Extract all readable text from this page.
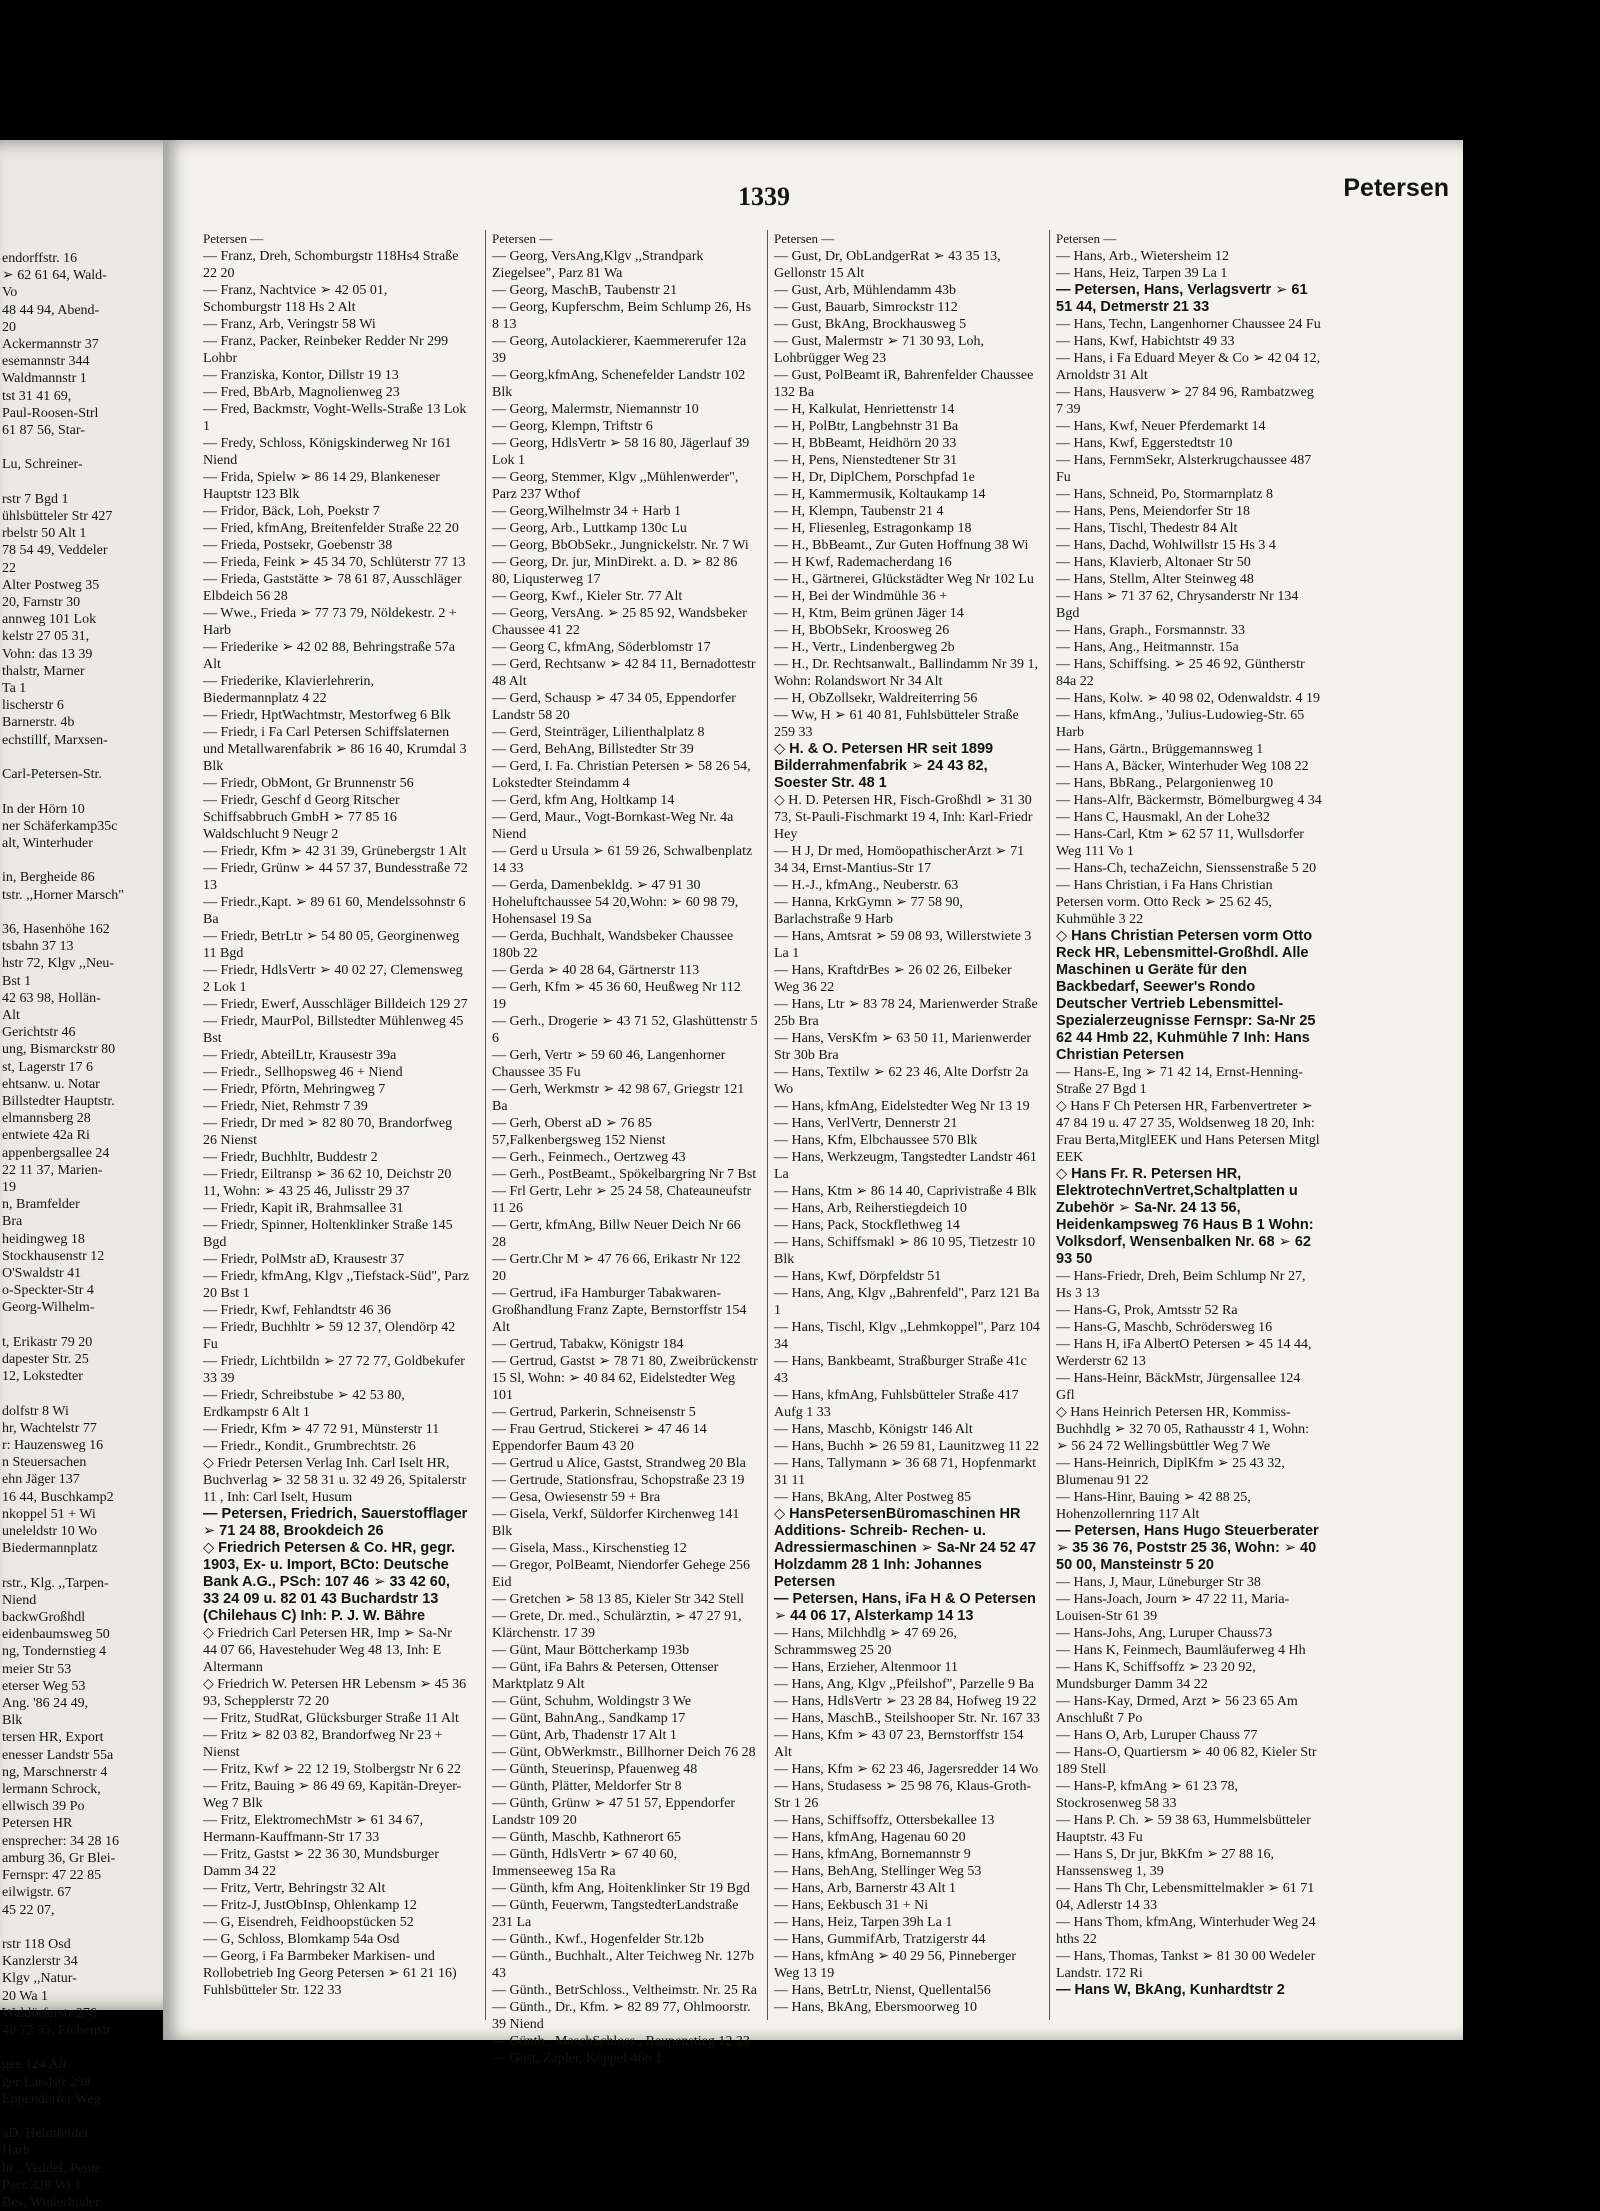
endorffstr. 16
➢ 62 61 64, Wald-
Vo
48 44 94, Abend-
20
Ackermannstr 37
esemannstr 344
Waldmannstr 1
tst 31 41 69,
Paul-Roosen-Strl
61 87 56, Star-

Lu, Schreiner-

rstr 7 Bgd 1
ühlsbütteler Str 427
rbelstr 50 Alt 1
78 54 49, Veddeler
22
Alter Postweg 35
20, Farnstr 30
annweg 101 Lok
kelstr 27 05 31,
Vohn: das 13 39
thalstr, Marner
Ta 1
lischerstr 6
Barnerstr. 4b
echstillf, Marxsen-

Carl-Petersen-Str.

In der Hörn 10
ner Schäferkamp35c
alt, Winterhuder

in, Bergheide 86
tstr. ,,Horner Marsch"

36, Hasenhöhe 162
tsbahn 37 13
hstr 72, Klgv ,,Neu-
Bst 1
42 63 98, Hollän-
Alt
Gerichtstr 46
ung, Bismarckstr 80
st, Lagerstr 17 6
ehtsanw. u. Notar
Billstedter Hauptstr.
elmannsberg 28
entwiete 42a Ri
appenbergsallee 24
22 11 37, Marien-
19
n, Bramfelder
Bra
heidingweg 18
Stockhausenstr 12
O'Swaldstr 41
o-Speckter-Str 4
Georg-Wilhelm-

t, Erikastr 79 20
dapester Str. 25
12, Lokstedter

dolfstr 8 Wi
hr, Wachtelstr 77
r: Hauzensweg 16
n Steuersachen
ehn Jäger 137
16 44, Buschkamp2
nkoppel 51 + Wi
uneleldstr 10 Wo
Biedermannplatz

rstr., Klg. ,,Tarpen-
Niend
backwGroßhdl
eidenbaumsweg 50
ng, Tondernstieg 4
meier Str 53
eterser Weg 53
Ang. '86 24 49,
Blk
tersen HR, Export
enesser Landstr 55a
ng, Marschnerstr 4
lermann Schrock,
ellwisch 39 Po
Petersen HR
ensprecher: 34 28 16
amburg 36, Gr Blei-
Fernspr: 47 22 85
eilwigstr. 67
45 22 07,

rstr 118 Osd
Kanzlerstr 34
Klgv ,,Natur-
20 Wa 1
Waldörferstr 276
40 72 35, Eichenstr

gee 124 Alt
ger Landstr 298
Eppendorfer Weg

aD, Heimfelder
Harb
hr ,,Veddel, Peute
Parz 328 Wi 1
Bes, Winterhuder
1339	Petersen
Petersen —
— Franz, Dreh, Schomburgstr 118Hs4 Straße 22 20
— Franz, Nachtvice ➢ 42 05 01, Schomburgstr 118 Hs 2 Alt
— Franz, Arb, Veringstr 58 Wi
— Franz, Packer, Reinbeker Redder Nr 299 Lohbr
— Franziska, Kontor, Dillstr 19 13
— Fred, BbArb, Magnolienweg 23
— Fred, Backmstr, Voght-Wells-Straße 13 Lok 1
— Fredy, Schloss, Königskinderweg Nr 161 Niend
— Frida, Spielw ➢ 86 14 29, Blankeneser Hauptstr 123 Blk
— Fridor, Bäck, Loh, Poekstr 7
— Fried, kfmAng, Breitenfelder Straße 22 20
— Frieda, Postsekr, Goebenstr 38
— Frieda, Feink ➢ 45 34 70, Schlüterstr 77 13
— Frieda, Gaststätte ➢ 78 61 87, Ausschläger Elbdeich 56 28
— Wwe., Frieda ➢ 77 73 79, Nöldekestr. 2 + Harb
— Friederike ➢ 42 02 88, Behringstraße 57a Alt
— Friederike, Klavierlehrerin, Biedermannplatz 4 22
— Friedr, HptWachtmstr, Mestorfweg 6 Blk
— Friedr, i Fa Carl Petersen Schiffslaternen und Metallwarenfabrik ➢ 86 16 40, Krumdal 3 Blk
— Friedr, ObMont, Gr Brunnenstr 56
— Friedr, Geschf d Georg Ritscher Schiffsabbruch GmbH ➢ 77 85 16 Waldschlucht 9 Neugr 2
— Friedr, Kfm ➢ 42 31 39, Grünebergstr 1 Alt
— Friedr, Grünw ➢ 44 57 37, Bundesstraße 72 13
— Friedr.,Kapt. ➢ 89 61 60, Mendelssohnstr 6 Ba
— Friedr, BetrLtr ➢ 54 80 05, Georginenweg 11 Bgd
— Friedr, HdlsVertr ➢ 40 02 27, Clemensweg 2 Lok 1
— Friedr, Ewerf, Ausschläger Billdeich 129 27
— Friedr, MaurPol, Billstedter Mühlenweg 45 Bst
— Friedr, AbteilLtr, Krausestr 39a
— Friedr., Sellhopsweg 46 + Niend
— Friedr, Pförtn, Mehringweg 7
— Friedr, Niet, Rehmstr 7 39
— Friedr, Dr med ➢ 82 80 70, Brandorfweg 26 Nienst
— Friedr, Buchhltr, Buddestr 2
— Friedr, Eiltransp ➢ 36 62 10, Deichstr 20 11, Wohn: ➢ 43 25 46, Julisstr 29 37
— Friedr, Kapit iR, Brahmsallee 31
— Friedr, Spinner, Holtenklinker Straße 145 Bgd
— Friedr, PolMstr aD, Krausestr 37
— Friedr, kfmAng, Klgv ,,Tiefstack-Süd", Parz 20 Bst 1
— Friedr, Kwf, Fehlandtstr 46 36
— Friedr, Buchhltr ➢ 59 12 37, Olendörp 42 Fu
— Friedr, Lichtbildn ➢ 27 72 77, Goldbekufer 33 39
— Friedr, Schreibstube ➢ 42 53 80, Erdkampstr 6 Alt 1
— Friedr, Kfm ➢ 47 72 91, Münsterstr 11
— Friedr., Kondit., Grumbrechtstr. 26
◇ Friedr Petersen Verlag Inh. Carl Iselt HR, Buchverlag ➢ 32 58 31 u. 32 49 26, Spitalerstr 11 , Inh: Carl Iselt, Husum
— Petersen, Friedrich, Sauerstofflager ➢ 71 24 88, Brookdeich 26
◇ Friedrich Petersen & Co. HR, gegr. 1903, Ex- u. Import, BCto: Deutsche Bank A.G., PSch: 107 46 ➢ 33 42 60, 33 24 09 u. 82 01 43 Buchardstr 13 (Chilehaus C) Inh: P. J. W. Bähre
◇ Friedrich Carl Petersen HR, Imp ➢ Sa-Nr 44 07 66, Havestehuder Weg 48 13, Inh: E Altermann
◇ Friedrich W. Petersen HR Lebensm ➢ 45 36 93, Schepplerstr 72 20
— Fritz, StudRat, Glücksburger Straße 11 Alt
— Fritz ➢ 82 03 82, Brandorfweg Nr 23 + Nienst
— Fritz, Kwf ➢ 22 12 19, Stolbergstr Nr 6 22
— Fritz, Bauing ➢ 86 49 69, Kapitän-Dreyer-Weg 7 Blk
— Fritz, ElektromechMstr ➢ 61 34 67, Hermann-Kauffmann-Str 17 33
— Fritz, Gastst ➢ 22 36 30, Mundsburger Damm 34 22
— Fritz, Vertr, Behringstr 32 Alt
— Fritz-J, JustObInsp, Ohlenkamp 12
— G, Eisendreh, Feidhoopstücken 52
— G, Schloss, Blomkamp 54a Osd
— Georg, i Fa Barmbeker Markisen- und Rollobetrieb Ing Georg Petersen ➢ 61 21 16) Fuhlsbütteler Str. 122 33
Petersen —
— Georg, VersAng,Klgv ,,Strandpark Ziegelsee", Parz 81 Wa
— Georg, MaschB, Taubenstr 21
— Georg, Kupferschm, Beim Schlump 26, Hs 8 13
— Georg, Autolackierer, Kaemmererufer 12a 39
— Georg,kfmAng, Schenefelder Landstr 102 Blk
— Georg, Malermstr, Niemannstr 10
— Georg, Klempn, Triftstr 6
— Georg, HdlsVertr ➢ 58 16 80, Jägerlauf 39 Lok 1
— Georg, Stemmer, Klgv ,,Mühlenwerder", Parz 237 Wthof
— Georg,Wilhelmstr 34 + Harb 1
— Georg, Arb., Luttkamp 130c Lu
— Georg, BbObSekr., Jungnickelstr. Nr. 7 Wi
— Georg, Dr. jur, MinDirekt. a. D. ➢ 82 86 80, Liqusterweg 17
— Georg, Kwf., Kieler Str. 77 Alt
— Georg, VersAng. ➢ 25 85 92, Wandsbeker Chaussee 41 22
— Georg C, kfmAng, Söderblomstr 17
— Gerd, Rechtsanw ➢ 42 84 11, Bernadottestr 48 Alt
— Gerd, Schausp ➢ 47 34 05, Eppendorfer Landstr 58 20
— Gerd, Steinträger, Lilienthalplatz 8
— Gerd, BehAng, Billstedter Str 39
— Gerd, I. Fa. Christian Petersen ➢ 58 26 54, Lokstedter Steindamm 4
— Gerd, kfm Ang, Holtkamp 14
— Gerd, Maur., Vogt-Bornkast-Weg Nr. 4a Niend
— Gerd u Ursula ➢ 61 59 26, Schwalbenplatz 14 33
— Gerda, Damenbekldg. ➢ 47 91 30 Hoheluftchaussee 54 20,Wohn: ➢ 60 98 79, Hohensasel 19 Sa
— Gerda, Buchhalt, Wandsbeker Chaussee 180b 22
— Gerda ➢ 40 28 64, Gärtnerstr 113
— Gerh, Kfm ➢ 45 36 60, Heußweg Nr 112 19
— Gerh., Drogerie ➢ 43 71 52, Glashüttenstr 5 6
— Gerh, Vertr ➢ 59 60 46, Langenhorner Chaussee 35 Fu
— Gerh, Werkmstr ➢ 42 98 67, Griegstr 121 Ba
— Gerh, Oberst aD ➢ 76 85 57,Falkenbergsweg 152 Nienst
— Gerh., Feinmech., Oertzweg 43
— Gerh., PostBeamt., Spökelbargring Nr 7 Bst
— Frl Gertr, Lehr ➢ 25 24 58, Chateaunеufstr 11 26
— Gertr, kfmAng, Billw Neuer Deich Nr 66 28
— Gertr.Chr M ➢ 47 76 66, Erikastr Nr 122 20
— Gertrud, iFa Hamburger Tabakwaren-Großhandlung Franz Zapte, Bernstorffstr 154 Alt
— Gertrud, Tabakw, Königstr 184
— Gertrud, Gastst ➢ 78 71 80, Zweibrückenstr 15 Sl, Wohn: ➢ 40 84 62, Eidelstedter Weg 101
— Gertrud, Parkerin, Schneisenstr 5
— Frau Gertrud, Stickerei ➢ 47 46 14 Eppendorfer Baum 43 20
— Gertrud u Alice, Gastst, Strandweg 20 Bla
— Gertrude, Stationsfrau, Schopstraße 23 19
— Gesa, Owiesenstr 59 + Bra
— Gisela, Verkf, Süldorfer Kirchenweg 141 Blk
— Gisela, Mass., Kirschenstieg 12
— Gregor, PolBeamt, Niendorfer Gehege 256 Eid
— Gretchen ➢ 58 13 85, Kieler Str 342 Stell
— Grete, Dr. med., Schulärztin, ➢ 47 27 91, Klärchenstr. 17 39
— Günt, Maur Böttcherkamp 193b
— Günt, iFa Bahrs & Petersen, Ottenser Marktplatz 9 Alt
— Günt, Schuhm, Woldingstr 3 We
— Günt, BahnAng., Sandkamp 17
— Günt, Arb, Thadenstr 17 Alt 1
— Günt, ObWerkmstr., Billhorner Deich 76 28
— Günth, Steuerinsp, Pfauenweg 48
— Günth, Plätter, Meldorfer Str 8
— Günth, Grünw ➢ 47 51 57, Eppendorfer Landstr 109 20
— Günth, Maschb, Kathnerort 65
— Günth, HdlsVertr ➢ 67 40 60, Immenseeweg 15a Ra
— Günth, kfm Ang, Hoitenklinker Str 19 Bgd
— Günth, Feuerwm, TangstedterLandstraße 231 La
— Günth., Kwf., Hogenfelder Str.12b
— Günth., Buchhalt., Alter Teichweg Nr. 127b 43
— Günth., BetrSchloss., Veltheimstr. Nr. 25 Ra
— Günth., Dr., Kfm. ➢ 82 89 77, Ohlmoorstr. 39 Niend
— Günth., MaschSchloss., Raupenstieg 12 33
— Gust, Zapler, Koppel 46b 1
Petersen —
— Gust, Dr, ObLandgerRat ➢ 43 35 13, Gellonstr 15 Alt
— Gust, Arb, Mühlendamm 43b
— Gust, Bauarb, Simrockstr 112
— Gust, BkAng, Brockhausweg 5
— Gust, Malermstr ➢ 71 30 93, Loh, Lohbrügger Weg 23
— Gust, PolBeamt iR, Bahrenfelder Chaussee 132 Ba
— H, Kalkulat, Henriettenstr 14
— H, PolBtr, Langbehnstr 31 Ba
— H, BbBeamt, Heidhörn 20 33
— H, Pens, Nienstedtener Str 31
— H, Dr, DiplChem, Porschpfad 1e
— H, Kammermusik, Koltaukamp 14
— H, Klempn, Taubenstr 21 4
— H, Fliesenleg, Estragonkamp 18
— H., BbBeamt., Zur Guten Hoffnung 38 Wi
— H Kwf, Rademacherdang 16
— H., Gärtnerei, Glückstädter Weg Nr 102 Lu
— H, Bei der Windmühle 36 +
— H, Ktm, Beim grünen Jäger 14
— H, BbObSekr, Kroosweg 26
— H., Vertr., Lindenbergweg 2b
— H., Dr. Rechtsanwalt., Ballindamm Nr 39 1, Wohn: Rolandswort Nr 34 Alt
— H, ObZollsekr, Waldreiterring 56
— Ww, H ➢ 61 40 81, Fuhlsbütteler Straße 259 33
◇ H. & O. Petersen HR seit 1899 Bilderrahmenfabrik ➢ 24 43 82, Soester Str. 48 1
◇ H. D. Petersen HR, Fisch-Großhdl ➢ 31 30 73, St-Pauli-Fischmarkt 19 4, Inh: Karl-Friedr Hey
— H J, Dr med, HomöopathischerArzt ➢ 71 34 34, Ernst-Mantius-Str 17
— H.-J., kfmAng., Neuberstr. 63
— Hanna, KrkGymn ➢ 77 58 90, Barlachstraße 9 Harb
— Hans, Amtsrat ➢ 59 08 93, Willerstwiete 3 La 1
— Hans, KraftdrBes ➢ 26 02 26, Eilbeker Weg 36 22
— Hans, Ltr ➢ 83 78 24, Marienwerder Straße 25b Bra
— Hans, VersKfm ➢ 63 50 11, Marienwerder Str 30b Bra
— Hans, Textilw ➢ 62 23 46, Alte Dorfstr 2a Wo
— Hans, kfmAng, Eidelstedter Weg Nr 13 19
— Hans, VerlVertr, Dennerstr 21
— Hans, Kfm, Elbchaussee 570 Blk
— Hans, Werkzeugm, Tangstedter Landstr 461 La
— Hans, Ktm ➢ 86 14 40, Caprivistraße 4 Blk
— Hans, Arb, Reiherstiegdeich 10
— Hans, Pack, Stockflethweg 14
— Hans, Schiffsmakl ➢ 86 10 95, Tietzestr 10 Blk
— Hans, Kwf, Dörpfeldstr 51
— Hans, Ang, Klgv ,,Bahrenfeld", Parz 121 Ba 1
— Hans, Tischl, Klgv ,,Lehmkoppel", Parz 104 34
— Hans, Bankbeamt, Straßburger Straße 41c 43
— Hans, kfmAng, Fuhlsbütteler Straße 417 Aufg 1 33
— Hans, Maschb, Königstr 146 Alt
— Hans, Buchh ➢ 26 59 81, Launitzweg 11 22
— Hans, Tallymann ➢ 36 68 71, Hopfenmarkt 31 11
— Hans, BkAng, Alter Postweg 85
◇ HansPetersenBüromaschinen HR Additions- Schreib- Rechen- u. Adressiermaschinen ➢ Sa-Nr 24 52 47 Holzdamm 28 1 Inh: Johannes Petersen
— Petersen, Hans, iFa H & O Petersen ➢ 44 06 17, Alsterkamp 14 13
— Hans, Milchhdlg ➢ 47 69 26, Schrammsweg 25 20
— Hans, Erzieher, Altenmoor 11
— Hans, Ang, Klgv ,,Pfeilshof", Parzelle 9 Ba
— Hans, HdlsVertr ➢ 23 28 84, Hofweg 19 22
— Hans, MaschB., Steilshooper Str. Nr. 167 33
— Hans, Kfm ➢ 43 07 23, Bernstorffstr 154 Alt
— Hans, Kfm ➢ 62 23 46, Jagersredder 14 Wo
— Hans, Studasess ➢ 25 98 76, Klaus-Groth-Str 1 26
— Hans, Schiffsoffz, Ottersbekallee 13
— Hans, kfmAng, Hagenau 60 20
— Hans, kfmAng, Bornemannstr 9
— Hans, BehAng, Stellinger Weg 53
— Hans, Arb, Barnerstr 43 Alt 1
— Hans, Eekbusch 31 + Ni
— Hans, Heiz, Tarpen 39h La 1
— Hans, GummifArb, Tratzigerstr 44
— Hans, kfmAng ➢ 40 29 56, Pinneberger Weg 13 19
— Hans, BetrLtr, Nienst, Quellental56
— Hans, BkAng, Ebersmoorweg 10
Petersen —
— Hans, Arb., Wietersheim 12
— Hans, Heiz, Tarpen 39 La 1
— Petersen, Hans, Verlagsvertr ➢ 61 51 44, Detmerstr 21 33
— Hans, Techn, Langenhorner Chaussee 24 Fu
— Hans, Kwf, Habichtstr 49 33
— Hans, i Fa Eduard Meyer & Co ➢ 42 04 12, Arnoldstr 31 Alt
— Hans, Hausverw ➢ 27 84 96, Rambatzweg 7 39
— Hans, Kwf, Neuer Pferdemarkt 14
— Hans, Kwf, Eggerstedtstr 10
— Hans, FernmSekr, Alsterkrugchaussee 487 Fu
— Hans, Schneid, Po, Stormarnplatz 8
— Hans, Pens, Meiendorfer Str 18
— Hans, Tischl, Thedestr 84 Alt
— Hans, Dachd, Wohlwillstr 15 Hs 3 4
— Hans, Klavierb, Altonaer Str 50
— Hans, Stellm, Alter Steinweg 48
— Hans ➢ 71 37 62, Chrysanderstr Nr 134 Bgd
— Hans, Graph., Forsmannstr. 33
— Hans, Ang., Heitmannstr. 15a
— Hans, Schiffsing. ➢ 25 46 92, Güntherstr 84a 22
— Hans, Kolw. ➢ 40 98 02, Odenwaldstr. 4 19
— Hans, kfmAng., 'Julius-Ludowieg-Str. 65 Harb
— Hans, Gärtn., Brüggemannsweg 1
— Hans A, Bäcker, Winterhuder Weg 108 22
— Hans, BbRang., Pelargonienweg 10
— Hans-Alfr, Bäckermstr, Bömelburgweg 4 34
— Hans C, Hausmakl, An der Lohe32
— Hans-Carl, Ktm ➢ 62 57 11, Wullsdorfer Weg 111 Vo 1
— Hans-Ch, techaZeichn, Sienssenstraße 5 20
— Hans Christian, i Fa Hans Christian Petersen vorm. Otto Reck ➢ 25 62 45, Kuhmühle 3 22
◇ Hans Christian Petersen vorm Otto Reck HR, Lebensmittel-Großhdl. Alle Maschinen u Geräte für den Backbedarf, Seewer's Rondo Deutscher Vertrieb Lebensmittel-Spezialerzeugnisse Fernspr: Sa-Nr 25 62 44 Hmb 22, Kuhmühle 7 Inh: Hans Christian Petersen
— Hans-E, Ing ➢ 71 42 14, Ernst-Henning-Straße 27 Bgd 1
◇ Hans F Ch Petersen HR, Farbenvertreter ➢ 47 84 19 u. 47 27 35, Woldsenweg 18 20, Inh: Frau Berta,MitglEEK und Hans Petersen Mitgl EEK
◇ Hans Fr. R. Petersen HR, ElektrotechnVertret,Schaltplatten u Zubehör ➢ Sa-Nr. 24 13 56, Heidenkampsweg 76 Haus B 1 Wohn: Volksdorf, Wensenbalken Nr. 68 ➢ 62 93 50
— Hans-Friedr, Dreh, Beim Schlump Nr 27, Hs 3 13
— Hans-G, Prok, Amtsstr 52 Ra
— Hans-G, Maschb, Schrödersweg 16
— Hans H, iFa AlbertO Petersen ➢ 45 14 44, Werderstr 62 13
— Hans-Heinr, BäckMstr, Jürgensallee 124 Gfl
◇ Hans Heinrich Petersen HR, Kommiss-Buchhdlg ➢ 32 70 05, Rathausstr 4 1, Wohn: ➢ 56 24 72 Wellingsbüttler Weg 7 We
— Hans-Heinrich, DiplKfm ➢ 25 43 32, Blumenau 91 22
— Hans-Hinr, Bauing ➢ 42 88 25, Hohenzollernring 117 Alt
— Petersen, Hans Hugo Steuerberater ➢ 35 36 76, Poststr 25 36, Wohn: ➢ 40 50 00, Mansteinstr 5 20
— Hans, J, Maur, Lüneburger Str 38
— Hans-Joach, Journ ➢ 47 22 11, Maria-Louisen-Str 61 39
— Hans-Johs, Ang, Luruper Chauss73
— Hans K, Feinmech, Baumläuferweg 4 Hh
— Hans K, Schiffsoffz ➢ 23 20 92, Mundsburger Damm 34 22
— Hans-Kay, Drmed, Arzt ➢ 56 23 65 Am Anschlußt 7 Po
— Hans O, Arb, Luruper Chauss 77
— Hans-O, Quartiersm ➢ 40 06 82, Kieler Str 189 Stell
— Hans-P, kfmAng ➢ 61 23 78, Stockrosenweg 58 33
— Hans P. Ch. ➢ 59 38 63, Hummelsbütteler Hauptstr. 43 Fu
— Hans S, Dr jur, BkKfm ➢ 27 88 16, Hanssensweg 1, 39
— Hans Th Chr, Lebensmittelmakler ➢ 61 71 04, Adlerstr 14 33
— Hans Thom, kfmAng, Winterhuder Weg 24 hths 22
— Hans, Thomas, Tankst ➢ 81 30 00 Wedeler Landstr. 172 Ri
— Hans W, BkAng, Kunhardtstr 2
